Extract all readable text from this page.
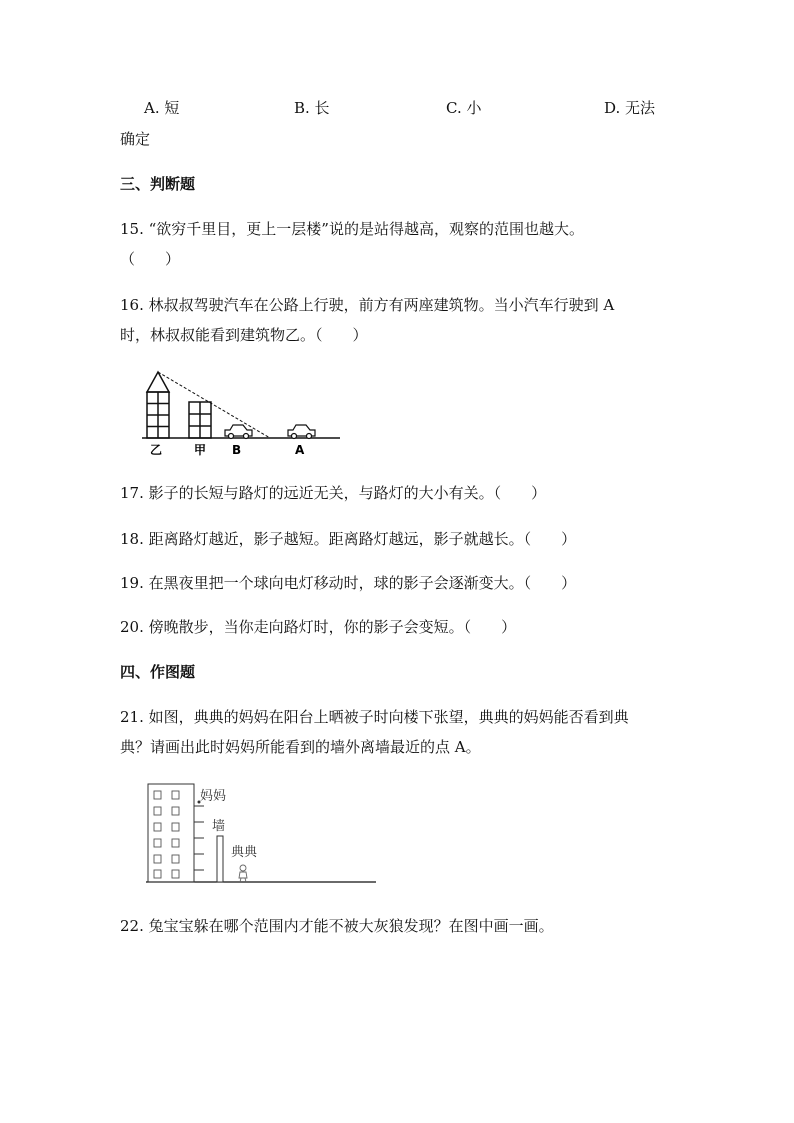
A. 短	B. 长	C. 小	D. 无法
确定
三、判断题
15. “欲穷千里目，更上一层楼”说的是站得越高，观察的范围也越大。
（　　）
16. 林叔叔驾驶汽车在公路上行驶，前方有两座建筑物。当小汽车行驶到 A
时，林叔叔能看到建筑物乙。（　　）
乙	甲 B	A
17. 影子的长短与路灯的远近无关，与路灯的大小有关。（　　）
18. 距离路灯越近，影子越短。距离路灯越远，影子就越长。（　　）
19. 在黑夜里把一个球向电灯移动时，球的影子会逐渐变大。（　　）
20. 傍晚散步，当你走向路灯时，你的影子会变短。（　　）
四、作图题
21. 如图，典典的妈妈在阳台上晒被子时向楼下张望，典典的妈妈能否看到典
典？请画出此时妈妈所能看到的墙外离墙最近的点 A。
妈妈
墙
典典
22. 兔宝宝躲在哪个范围内才能不被大灰狼发现？在图中画一画。
